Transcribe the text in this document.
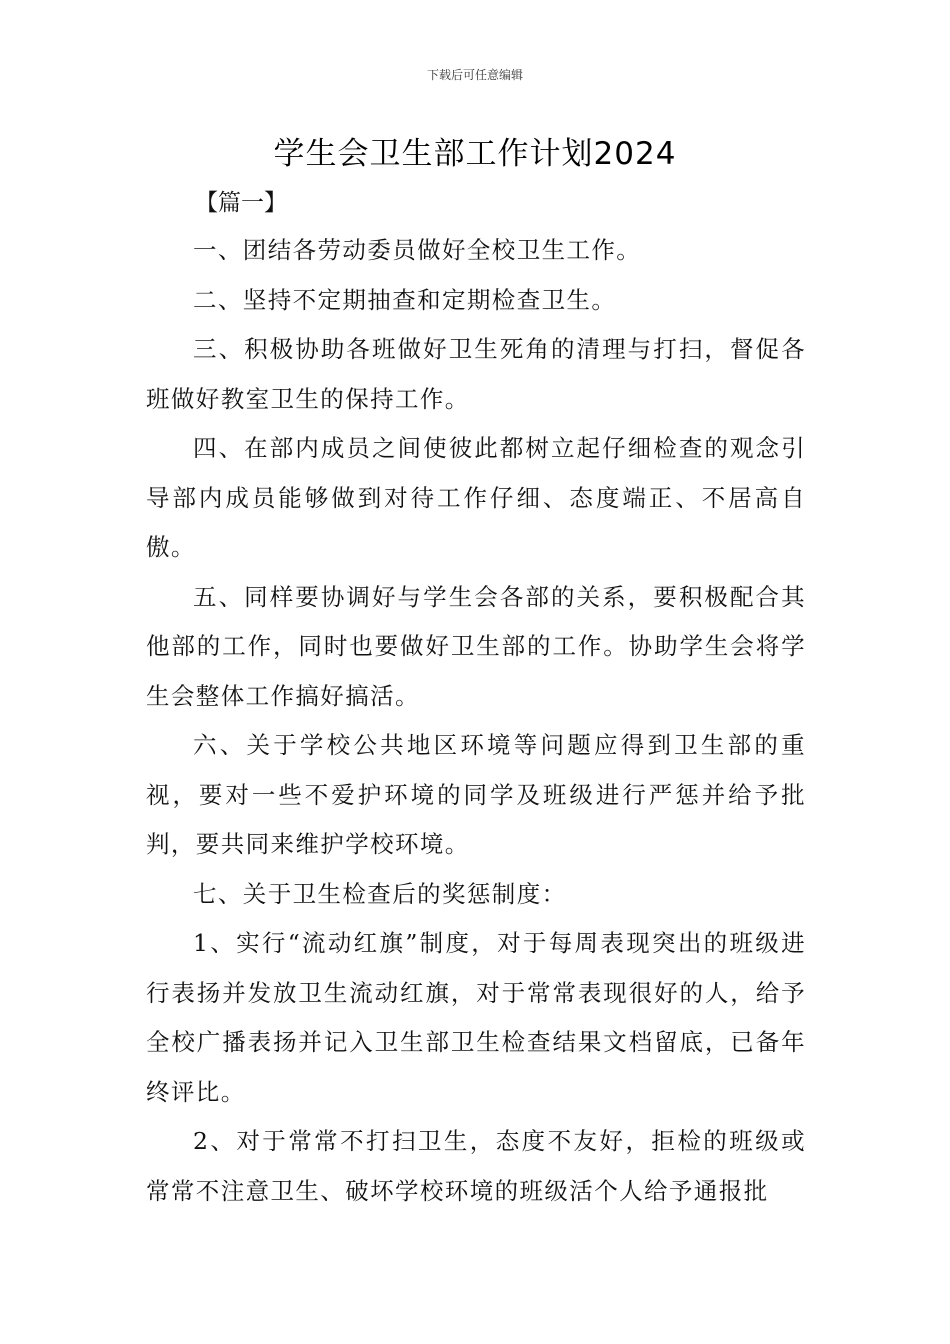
下载后可任意编辑
学生会卫生部工作计划2024
【篇一】

一、团结各劳动委员做好全校卫生工作。

二、坚持不定期抽查和定期检查卫生。

三、积极协助各班做好卫生死角的清理与打扫，督促各班做好教室卫生的保持工作。

四、在部内成员之间使彼此都树立起仔细检查的观念引导部内成员能够做到对待工作仔细、态度端正、不居高自傲。

五、同样要协调好与学生会各部的关系，要积极配合其他部的工作，同时也要做好卫生部的工作。协助学生会将学生会整体工作搞好搞活。

六、关于学校公共地区环境等问题应得到卫生部的重视，要对一些不爱护环境的同学及班级进行严惩并给予批判，要共同来维护学校环境。

七、关于卫生检查后的奖惩制度：

1、实行“流动红旗”制度，对于每周表现突出的班级进行表扬并发放卫生流动红旗，对于常常表现很好的人，给予全校广播表扬并记入卫生部卫生检查结果文档留底，已备年终评比。

2、对于常常不打扫卫生，态度不友好，拒检的班级或常常不注意卫生、破坏学校环境的班级活个人给予通报批
